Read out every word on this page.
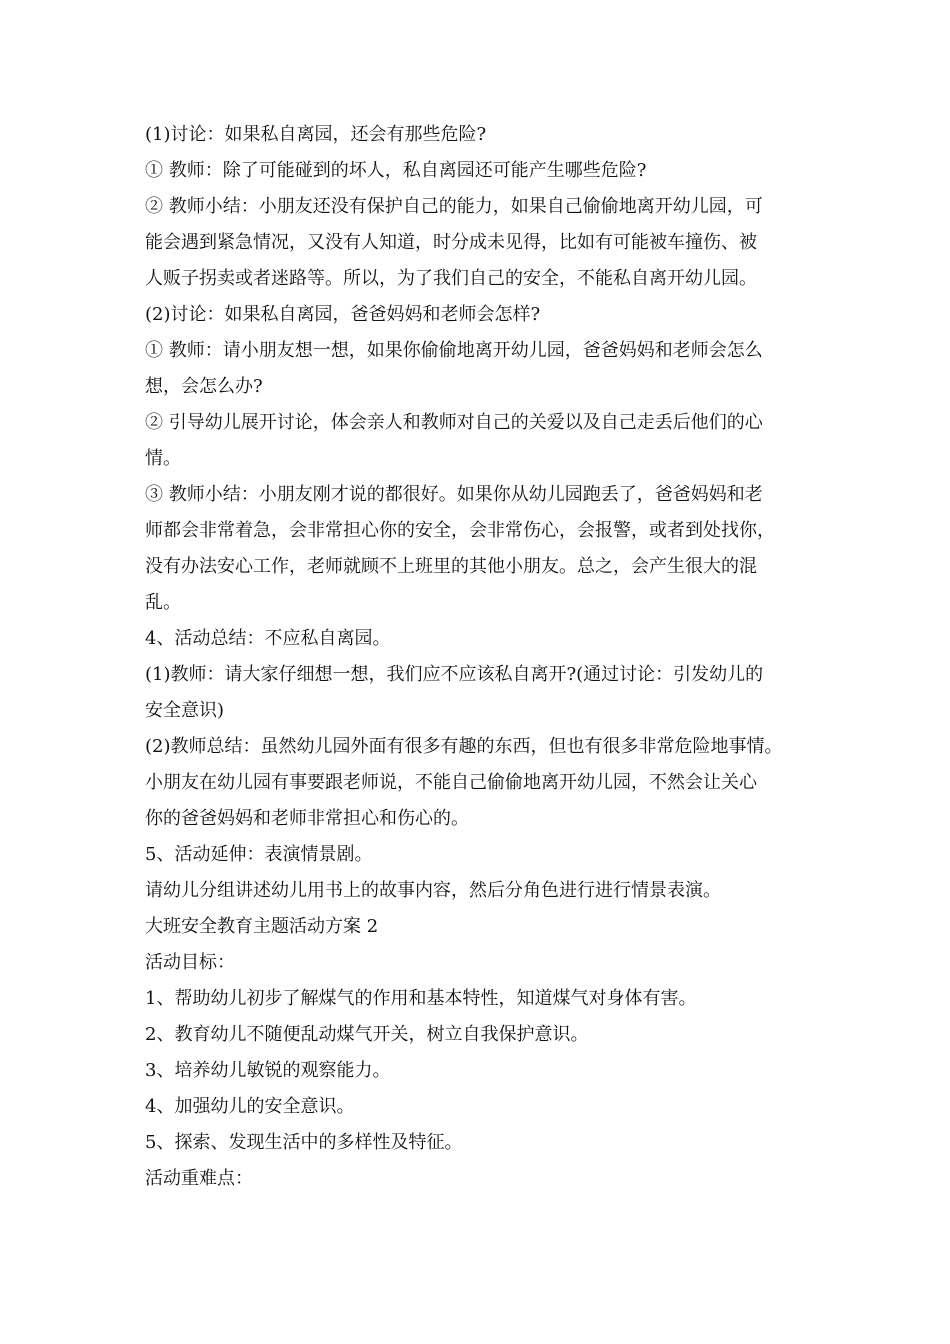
(1)讨论：如果私自离园，还会有那些危险?
① 教师：除了可能碰到的坏人，私自离园还可能产生哪些危险?
② 教师小结：小朋友还没有保护自己的能力，如果自己偷偷地离开幼儿园，可
能会遇到紧急情况，又没有人知道，时分成未见得，比如有可能被车撞伤、被
人贩子拐卖或者迷路等。所以，为了我们自己的安全，不能私自离开幼儿园。
(2)讨论：如果私自离园，爸爸妈妈和老师会怎样?
① 教师：请小朋友想一想，如果你偷偷地离开幼儿园，爸爸妈妈和老师会怎么
想，会怎么办?
② 引导幼儿展开讨论，体会亲人和教师对自己的关爱以及自己走丢后他们的心
情。
③ 教师小结：小朋友刚才说的都很好。如果你从幼儿园跑丢了，爸爸妈妈和老
师都会非常着急，会非常担心你的安全，会非常伤心，会报警，或者到处找你，
没有办法安心工作，老师就顾不上班里的其他小朋友。总之，会产生很大的混
乱。
4、活动总结：不应私自离园。
(1)教师：请大家仔细想一想，我们应不应该私自离开?(通过讨论：引发幼儿的
安全意识)
(2)教师总结：虽然幼儿园外面有很多有趣的东西，但也有很多非常危险地事情。
小朋友在幼儿园有事要跟老师说，不能自己偷偷地离开幼儿园，不然会让关心
你的爸爸妈妈和老师非常担心和伤心的。
5、活动延伸：表演情景剧。
请幼儿分组讲述幼儿用书上的故事内容，然后分角色进行进行情景表演。
大班安全教育主题活动方案 2
活动目标：
1、帮助幼儿初步了解煤气的作用和基本特性，知道煤气对身体有害。
2、教育幼儿不随便乱动煤气开关，树立自我保护意识。
3、培养幼儿敏锐的观察能力。
4、加强幼儿的安全意识。
5、探索、发现生活中的多样性及特征。
活动重难点：
